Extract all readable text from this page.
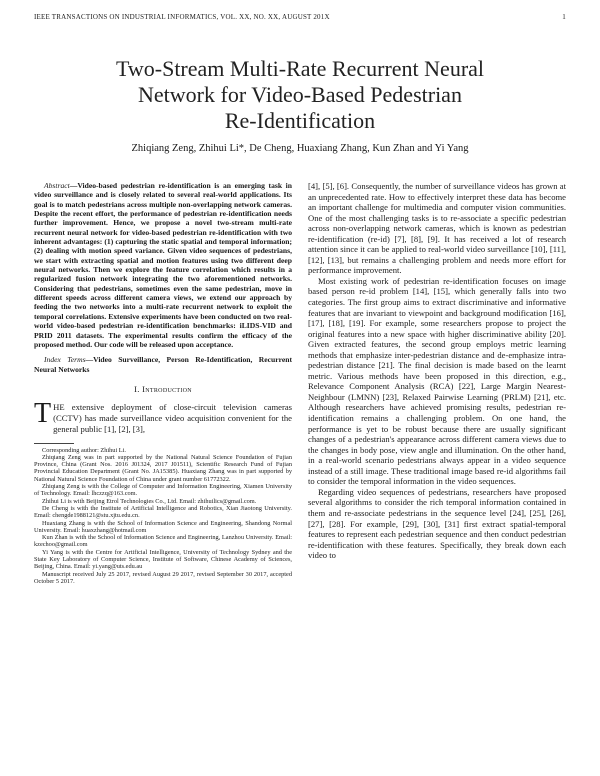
IEEE TRANSACTIONS ON INDUSTRIAL INFORMATICS, VOL. XX, NO. XX, AUGUST 201X	1
Two-Stream Multi-Rate Recurrent Neural
Network for Video-Based Pedestrian
Re-Identification
Zhiqiang Zeng, Zhihui Li*, De Cheng, Huaxiang Zhang, Kun Zhan and Yi Yang

Abstract—Video-based pedestrian re-identification is an emerging task in video surveillance and is closely related to several real-world applications. Its goal is to match pedestrians across multiple non-overlapping network cameras. Despite the recent effort, the performance of pedestrian re-identification needs further improvement. Hence, we propose a novel two-stream multi-rate recurrent neural network for video-based pedestrian re-identification with two inherent advantages: (1) capturing the static spatial and temporal information; (2) dealing with motion speed variance. Given video sequences of pedestrians, we start with extracting spatial and motion features using two different deep neural networks. Then we explore the feature correlation which results in a regularized fusion network integrating the two aforementioned networks. Considering that pedestrians, sometimes even the same pedestrian, move in different speeds across different camera views, we extend our approach by feeding the two networks into a multi-rate recurrent network to exploit the temporal correlations. Extensive experiments have been conducted on two real-world video-based pedestrian re-identification benchmarks: iLIDS-VID and PRID 2011 datasets. The experimental results confirm the efficacy of the proposed method. Our code will be released upon acceptance.

Index Terms—Video Surveillance, Person Re-Identification, Recurrent Neural Networks

I. Introduction

THE extensive deployment of close-circuit television cameras (CCTV) has made surveillance video acquisition convenient for the general public [1], [2], [3],

Corresponding author: Zhihui Li.

Zhiqiang Zeng was in part supported by the National Natural Science Foundation of Fujian Province, China (Grant Nos. 2016 J01324, 2017 J01511), Scientific Research Fund of Fujian Provincial Education Department (Grant No. JA15385). Huaxiang Zhang was in part supported by National Natural Science Foundation of China under grant number 61772322.

Zhiqiang Zeng is with the College of Computer and Information Engineering, Xiamen University of Technology. Email: lhczzq@163.com.

Zhihui Li is with Beijing Etrol Technologies Co., Ltd. Email: zhihuilics@gmail.com.

De Cheng is with the Institute of Artificial Intelligence and Robotics, Xian Jiaotong University. Email: chengde1988121@stu.xjtu.edu.cn.

Huaxiang Zhang is with the School of Information Science and Engineering, Shandong Normal University. Email: huaxzhang@hotmail.com

Kun Zhan is with the School of Information Science and Engineering, Lanzhou University. Email: kzechoo@gmail.com

Yi Yang is with the Centre for Artificial Intelligence, University of Technology Sydney and the State Key Laboratory of Computer Science, Institute of Software, Chinese Academy of Sciences, Beijing, China. Email: yi.yang@uts.edu.au

Manuscript received July 25 2017, revised August 29 2017, revised September 30 2017, accepted October 5 2017.

[4], [5], [6]. Consequently, the number of surveillance videos has grown at an unprecedented rate. How to effectively interpret these data has become an important challenge for multimedia and computer vision communities. One of the most challenging tasks is to re-associate a specific pedestrian across non-overlapping network cameras, which is known as pedestrian re-identification (re-id) [7], [8], [9]. It has received a lot of research attention since it can be applied to real-world video surveillance [10], [11], [12], [13], but remains a challenging problem and needs more effort for performance improvement.

Most existing work of pedestrian re-identification focuses on image based person re-id problem [14], [15], which generally falls into two categories. The first group aims to extract discriminative and informative features that are invariant to viewpoint and background modification [16], [17], [18], [19]. For example, some researchers propose to project the original features into a new space with higher discriminative ability [20]. Given extracted features, the second group employs metric learning methods that emphasize inter-pedestrian distance and de-emphasize intra-pedestrian distance [21]. The final decision is made based on the learnt metric. Various methods have been proposed in this direction, e.g., Relevance Component Analysis (RCA) [22], Large Margin Nearest-Neighbour (LMNN) [23], Relaxed Pairwise Learning (PRLM) [21], etc. Although researchers have achieved promising results, pedestrian re-identification remains a challenging problem. On one hand, the performance is yet to be robust because there are usually significant changes of a pedestrian's appearance across different camera views due to the changes in body pose, view angle and illumination. On the other hand, in a real-world scenario pedestrians always appear in a video sequence instead of a still image. These traditional image based re-id algorithms fail to consider the temporal information in the video sequences.

Regarding video sequences of pedestrians, researchers have proposed several algorithms to consider the rich temporal information contained in them and re-associate pedestrians in the sequence level [24], [25], [26], [27], [28]. For example, [29], [30], [31] first extract spatial-temporal features to represent each pedestrian sequence and then conduct pedestrian re-identification with these features. Specifically, they break down each video to
